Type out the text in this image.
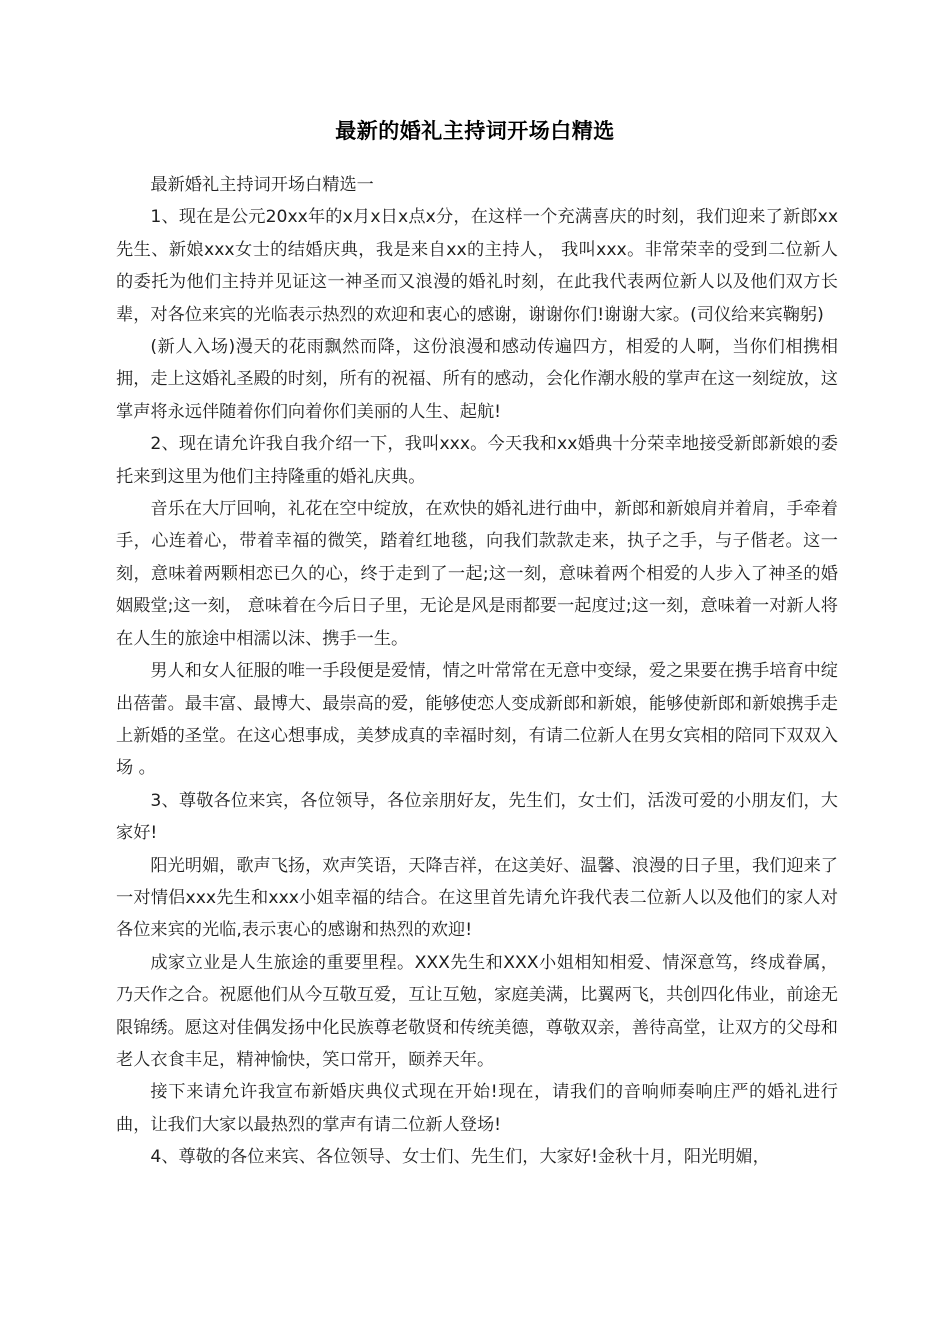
最新的婚礼主持词开场白精选

最新婚礼主持词开场白精选一

1、现在是公元20xx年的x月x日x点x分，在这样一个充满喜庆的时刻，我们迎来了新郎xx先生、新娘xxx女士的结婚庆典，我是来自xx的主持人， 我叫xxx。非常荣幸的受到二位新人的委托为他们主持并见证这一神圣而又浪漫的婚礼时刻，在此我代表两位新人以及他们双方长辈，对各位来宾的光临表示热烈的欢迎和衷心的感谢，谢谢你们!谢谢大家。(司仪给来宾鞠躬)

(新人入场)漫天的花雨飘然而降，这份浪漫和感动传遍四方，相爱的人啊，当你们相携相拥，走上这婚礼圣殿的时刻，所有的祝福、所有的感动，会化作潮水般的掌声在这一刻绽放，这掌声将永远伴随着你们向着你们美丽的人生、起航!

2、现在请允许我自我介绍一下，我叫xxx。今天我和xx婚典十分荣幸地接受新郎新娘的委托来到这里为他们主持隆重的婚礼庆典。

音乐在大厅回响，礼花在空中绽放，在欢快的婚礼进行曲中，新郎和新娘肩并着肩，手牵着手，心连着心，带着幸福的微笑，踏着红地毯，向我们款款走来，执子之手，与子偕老。这一刻，意味着两颗相恋已久的心，终于走到了一起;这一刻，意味着两个相爱的人步入了神圣的婚姻殿堂;这一刻， 意味着在今后日子里，无论是风是雨都要一起度过;这一刻，意味着一对新人将在人生的旅途中相濡以沫、携手一生。

男人和女人征服的唯一手段便是爱情，情之叶常常在无意中变绿，爱之果要在携手培育中绽出蓓蕾。最丰富、最博大、最崇高的爱，能够使恋人变成新郎和新娘，能够使新郎和新娘携手走上新婚的圣堂。在这心想事成，美梦成真的幸福时刻，有请二位新人在男女宾相的陪同下双双入场 。

3、尊敬各位来宾，各位领导，各位亲朋好友，先生们，女士们，活泼可爱的小朋友们，大家好!

阳光明媚，歌声飞扬，欢声笑语，天降吉祥，在这美好、温馨、浪漫的日子里，我们迎来了一对情侣xxx先生和xxx小姐幸福的结合。在这里首先请允许我代表二位新人以及他们的家人对各位来宾的光临,表示衷心的感谢和热烈的欢迎!

成家立业是人生旅途的重要里程。XXX先生和XXX小姐相知相爱、情深意笃，终成眷属，乃天作之合。祝愿他们从今互敬互爱，互让互勉，家庭美满，比翼两飞，共创四化伟业，前途无限锦绣。愿这对佳偶发扬中化民族尊老敬贤和传统美德，尊敬双亲，善待高堂，让双方的父母和老人衣食丰足，精神愉快，笑口常开，颐养天年。

接下来请允许我宣布新婚庆典仪式现在开始!现在，请我们的音响师奏响庄严的婚礼进行曲，让我们大家以最热烈的掌声有请二位新人登场!

4、尊敬的各位来宾、各位领导、女士们、先生们，大家好!金秋十月，阳光明媚，
